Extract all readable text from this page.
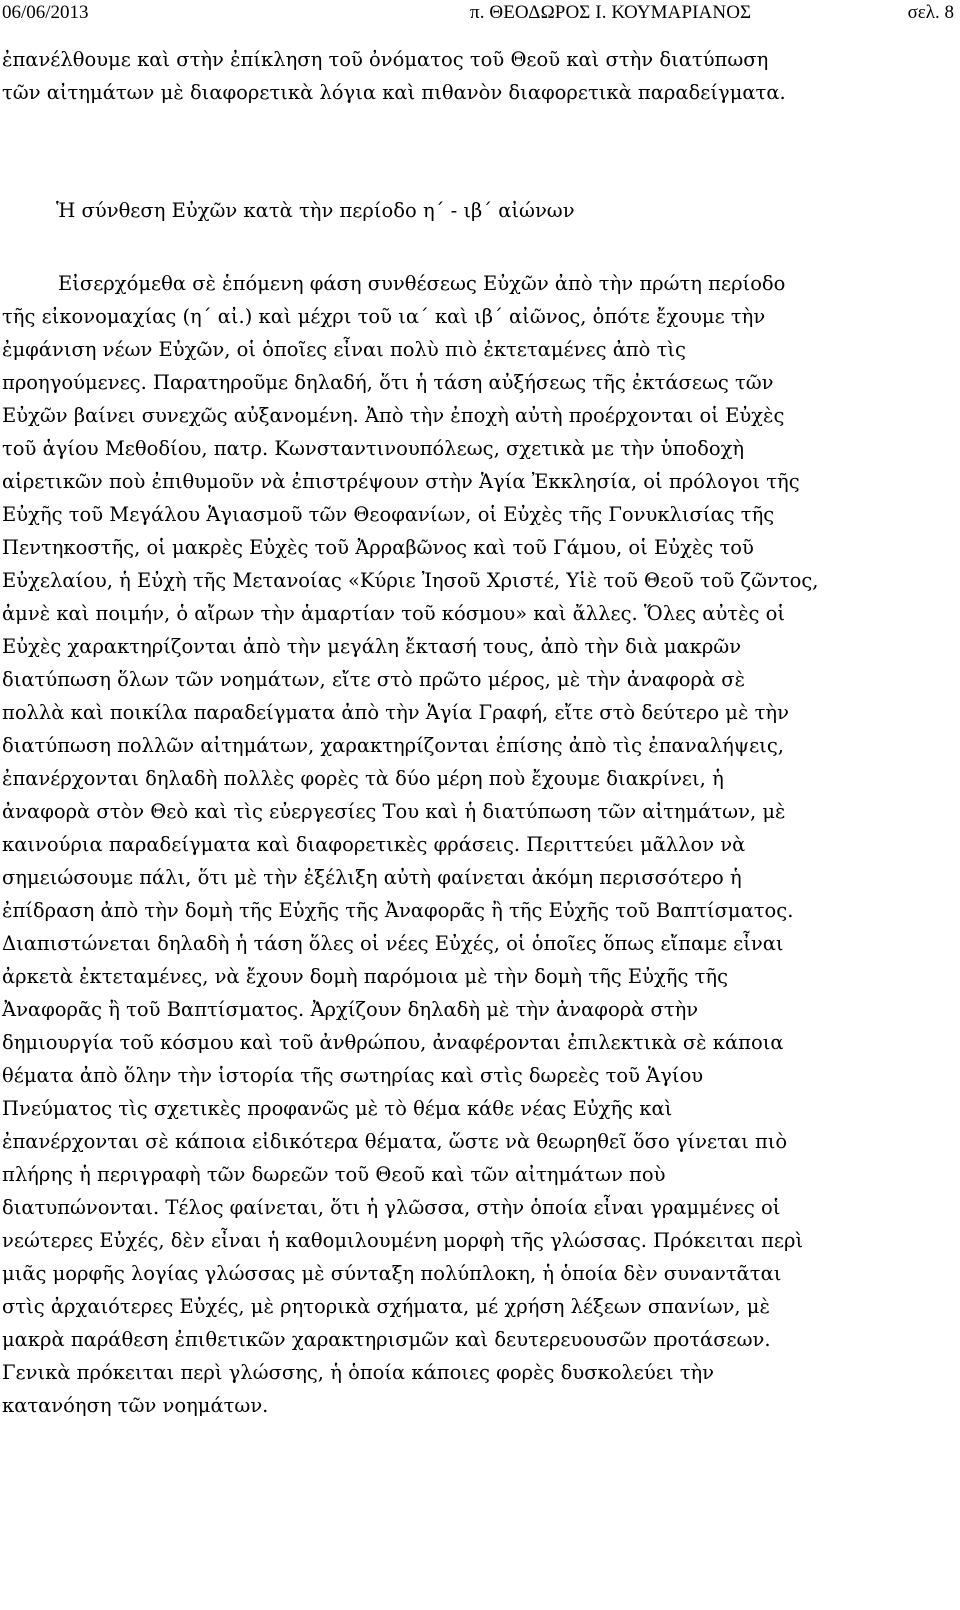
06/06/2013	π. ΘΕΟΔΩΡΟΣ Ι. ΚΟΥΜΑΡΙΑΝΟΣ	σελ. 8
ἐπανέλθουμε καὶ στὴν ἐπίκληση τοῦ ὀνόματος τοῦ Θεοῦ καὶ στὴν διατύπωση
τῶν αἰτημάτων μὲ διαφορετικὰ λόγια καὶ πιθανὸν διαφορετικὰ παραδείγματα.
Ἡ σύνθεση Εὐχῶν κατὰ τὴν περίοδο η΄ - ιβ΄ αἰώνων
Εἰσερχόμεθα σὲ ἑπόμενη φάση συνθέσεως Εὐχῶν ἀπὸ τὴν πρώτη περίοδο
τῆς εἰκονομαχίας (η΄ αἰ.) καὶ μέχρι τοῦ ια΄ καὶ ιβ΄ αἰῶνος, ὁπότε ἔχουμε τὴν
ἐμφάνιση νέων Εὐχῶν, οἱ ὁποῖες εἶναι πολὺ πιὸ ἐκτεταμένες ἀπὸ τὶς
προηγούμενες. Παρατηροῦμε δηλαδή, ὅτι ἡ τάση αὐξήσεως τῆς ἐκτάσεως τῶν
Εὐχῶν βαίνει συνεχῶς αὐξανομένη. Ἀπὸ τὴν ἐποχὴ αὐτὴ προέρχονται οἱ Εὐχὲς
τοῦ ἁγίου Μεθοδίου, πατρ. Κωνσταντινουπόλεως, σχετικὰ με τὴν ὑποδοχὴ
αἱρετικῶν ποὺ ἐπιθυμοῦν νὰ ἐπιστρέψουν στὴν Ἁγία Ἐκκλησία, οἱ πρόλογοι τῆς
Εὐχῆς τοῦ Μεγάλου Ἁγιασμοῦ τῶν Θεοφανίων, οἱ Εὐχὲς τῆς Γονυκλισίας τῆς
Πεντηκοστῆς, οἱ μακρὲς Εὐχὲς τοῦ Ἀρραβῶνος καὶ τοῦ Γάμου, οἱ Εὐχὲς τοῦ
Εὐχελαίου, ἡ Εὐχὴ τῆς Μετανοίας «Κύριε Ἰησοῦ Χριστέ, Υἱὲ τοῦ Θεοῦ τοῦ ζῶντος,
ἀμνὲ καὶ ποιμήν, ὁ αἴρων τὴν ἁμαρτίαν τοῦ κόσμου» καὶ ἄλλες. Ὅλες αὐτὲς οἱ
Εὐχὲς χαρακτηρίζονται ἀπὸ τὴν μεγάλη ἔκτασή τους, ἀπὸ τὴν διὰ μακρῶν
διατύπωση ὅλων τῶν νοημάτων, εἴτε στὸ πρῶτο μέρος, μὲ τὴν ἀναφορὰ σὲ
πολλὰ καὶ ποικίλα παραδείγματα ἀπὸ τὴν Ἁγία Γραφή, εἴτε στὸ δεύτερο μὲ τὴν
διατύπωση πολλῶν αἰτημάτων, χαρακτηρίζονται ἐπίσης ἀπὸ τὶς ἐπαναλήψεις,
ἐπανέρχονται δηλαδὴ πολλὲς φορὲς τὰ δύο μέρη ποὺ ἔχουμε διακρίνει, ἡ
ἀναφορὰ στὸν Θεὸ καὶ τὶς εὐεργεσίες Του καὶ ἡ διατύπωση τῶν αἰτημάτων, μὲ
καινούρια παραδείγματα καὶ διαφορετικὲς φράσεις. Περιττεύει μᾶλλον νὰ
σημειώσουμε πάλι, ὅτι μὲ τὴν ἐξέλιξη αὐτὴ φαίνεται ἀκόμη περισσότερο ἡ
ἐπίδραση ἀπὸ τὴν δομὴ τῆς Εὐχῆς τῆς Ἀναφορᾶς ἢ τῆς Εὐχῆς τοῦ Βαπτίσματος.
Διαπιστώνεται δηλαδὴ ἡ τάση ὅλες οἱ νέες Εὐχές, οἱ ὁποῖες ὅπως εἴπαμε εἶναι
ἀρκετὰ ἐκτεταμένες, νὰ ἔχουν δομὴ παρόμοια μὲ τὴν δομὴ τῆς Εὐχῆς τῆς
Ἀναφορᾶς ἢ τοῦ Βαπτίσματος. Ἀρχίζουν δηλαδὴ μὲ τὴν ἀναφορὰ στὴν
δημιουργία τοῦ κόσμου καὶ τοῦ ἀνθρώπου, ἀναφέρονται ἐπιλεκτικὰ σὲ κάποια
θέματα ἀπὸ ὅλην τὴν ἱστορία τῆς σωτηρίας καὶ στὶς δωρεὲς τοῦ Ἁγίου
Πνεύματος τὶς σχετικὲς προφανῶς μὲ τὸ θέμα κάθε νέας Εὐχῆς καὶ
ἐπανέρχονται σὲ κάποια εἰδικότερα θέματα, ὥστε νὰ θεωρηθεῖ ὅσο γίνεται πιὸ
πλήρης ἡ περιγραφὴ τῶν δωρεῶν τοῦ Θεοῦ καὶ τῶν αἰτημάτων ποὺ
διατυπώνονται. Τέλος φαίνεται, ὅτι ἡ γλῶσσα, στὴν ὁποία εἶναι γραμμένες οἱ
νεώτερες Εὐχές, δὲν εἶναι ἡ καθομιλουμένη μορφὴ τῆς γλώσσας. Πρόκειται περὶ
μιᾶς μορφῆς λογίας γλώσσας μὲ σύνταξη πολύπλοκη, ἡ ὁποία δὲν συναντᾶται
στὶς ἀρχαιότερες Εὐχές, μὲ ρητορικὰ σχήματα, μέ χρήση λέξεων σπανίων, μὲ
μακρὰ παράθεση ἐπιθετικῶν χαρακτηρισμῶν καὶ δευτερευουσῶν προτάσεων.
Γενικὰ πρόκειται περὶ γλώσσης, ἡ ὁποία κάποιες φορὲς δυσκολεύει τὴν
κατανόηση τῶν νοημάτων.
